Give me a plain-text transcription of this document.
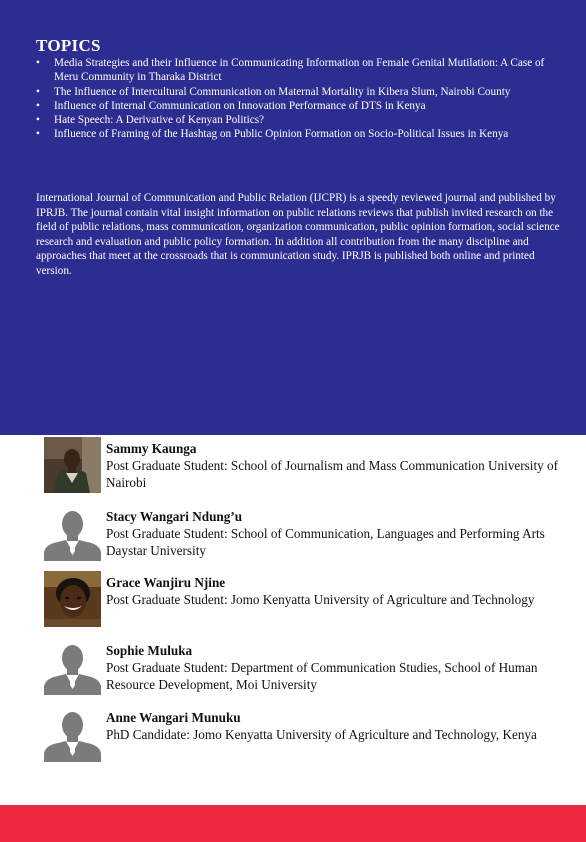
TOPICS
• Media Strategies and their Influence in Communicating Information on Female Genital Mutilation: A Case of Meru Community in Tharaka District
• The Influence of Intercultural Communication on Maternal Mortality in Kibera Slum, Nairobi County
• Influence of Internal Communication on Innovation Performance of DTS in Kenya
• Hate Speech: A Derivative of Kenyan Politics?
• Influence of Framing of the Hashtag on Public Opinion Formation on Socio-Political Issues in Kenya

International Journal of Communication and Public Relation (IJCPR) is a speedy reviewed journal and published by IPRJB. The journal contain vital insight information on public relations reviews that publish invited research on the field of public relations, mass communication, organization communication, public opinion formation, social science research and evaluation and public policy formation. In addition all contribution from the many discipline and approaches that meet at the crossroads that is communication study. IPRJB is published both online and printed version.

Sammy Kaunga
Post Graduate Student: School of Journalism and Mass Communication University of Nairobi
Stacy Wangari Ndung’u
Post Graduate Student: School of Communication, Languages and Performing Arts Daystar University
Grace Wanjiru Njine
Post Graduate Student: Jomo Kenyatta University of Agriculture and Technology
Sophie Muluka
Post Graduate Student: Department of Communication Studies, School of Human Resource Development, Moi University
Anne Wangari Munuku
PhD Candidate: Jomo Kenyatta University of Agriculture and Technology, Kenya
